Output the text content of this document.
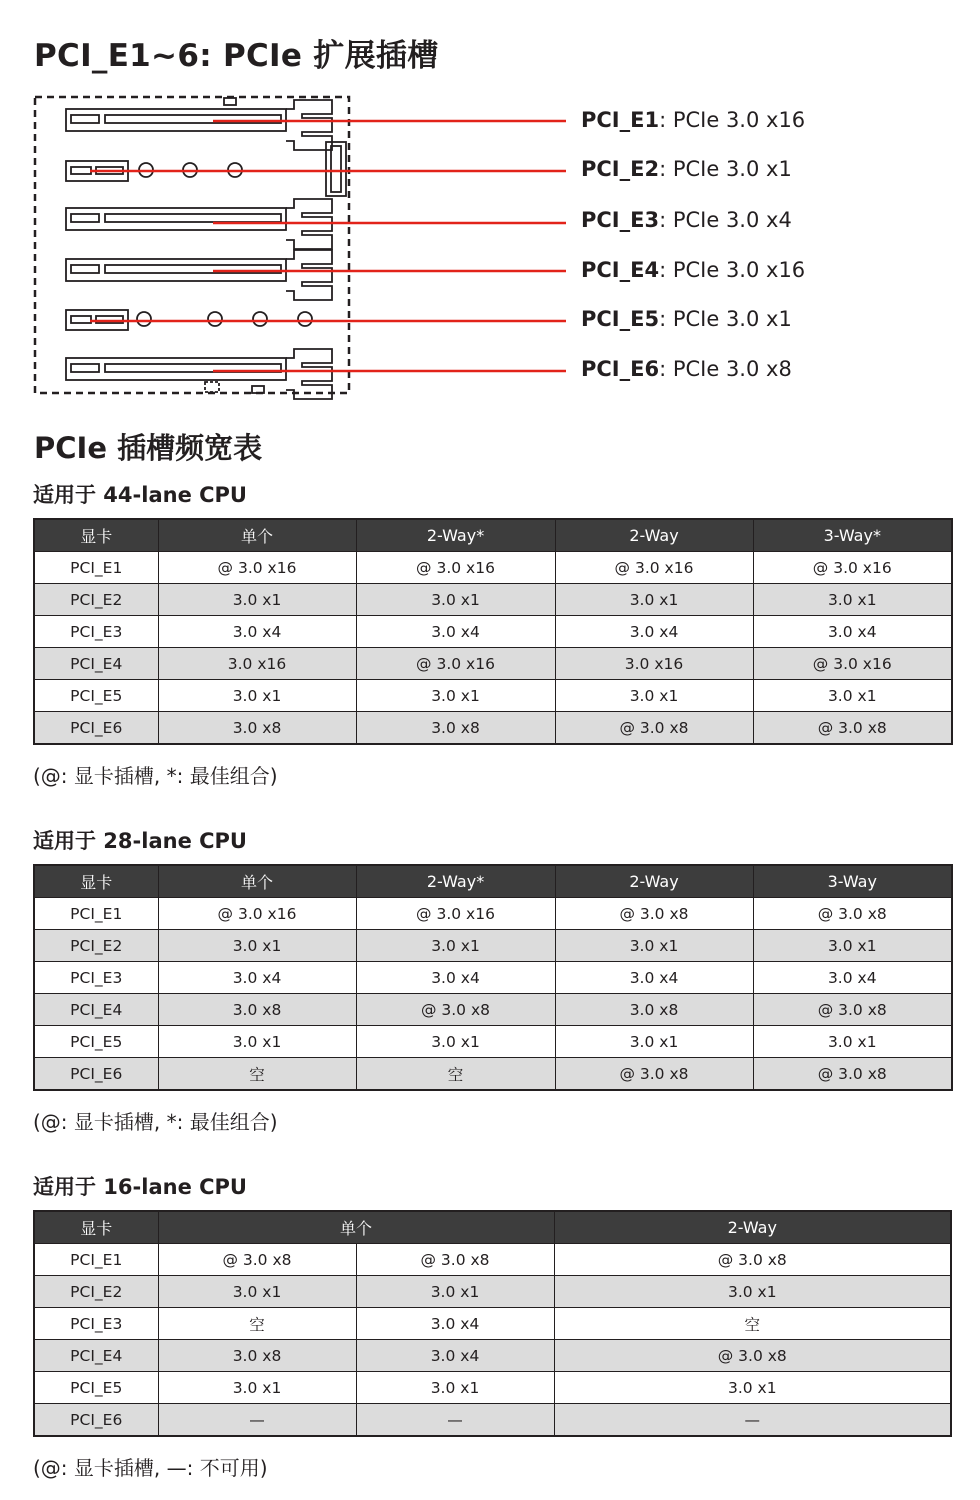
PCI_E1~6: PCIe 扩展插槽
PCI_E1: PCIe 3.0 x16
PCI_E2: PCIe 3.0 x1
PCI_E3: PCIe 3.0 x4
PCI_E4: PCIe 3.0 x16
PCI_E5: PCIe 3.0 x1
PCI_E6: PCIe 3.0 x8
PCIe 插槽频宽表
适用于 44-lane CPU
显卡	单个	2-Way*	2-Way	3-Way*
PCI_E1	@ 3.0 x16	@ 3.0 x16	@ 3.0 x16	@ 3.0 x16
PCI_E2	3.0 x1	3.0 x1	3.0 x1	3.0 x1
PCI_E3	3.0 x4	3.0 x4	3.0 x4	3.0 x4
PCI_E4	3.0 x16	@ 3.0 x16	3.0 x16	@ 3.0 x16
PCI_E5	3.0 x1	3.0 x1	3.0 x1	3.0 x1
PCI_E6	3.0 x8	3.0 x8	@ 3.0 x8	@ 3.0 x8
(@: 显卡插槽, *: 最佳组合)
适用于 28-lane CPU
显卡	单个	2-Way*	2-Way	3-Way
PCI_E1	@ 3.0 x16	@ 3.0 x16	@ 3.0 x8	@ 3.0 x8
PCI_E2	3.0 x1	3.0 x1	3.0 x1	3.0 x1
PCI_E3	3.0 x4	3.0 x4	3.0 x4	3.0 x4
PCI_E4	3.0 x8	@ 3.0 x8	3.0 x8	@ 3.0 x8
PCI_E5	3.0 x1	3.0 x1	3.0 x1	3.0 x1
PCI_E6	空	空	@ 3.0 x8	@ 3.0 x8
(@: 显卡插槽, *: 最佳组合)
适用于 16-lane CPU
显卡	单个		2-Way
PCI_E1	@ 3.0 x8	@ 3.0 x8	@ 3.0 x8
PCI_E2	3.0 x1	3.0 x1	3.0 x1
PCI_E3	空	3.0 x4	空
PCI_E4	3.0 x8	3.0 x4	@ 3.0 x8
PCI_E5	3.0 x1	3.0 x1	3.0 x1
PCI_E6	—	—	—
(@: 显卡插槽, —: 不可用)
